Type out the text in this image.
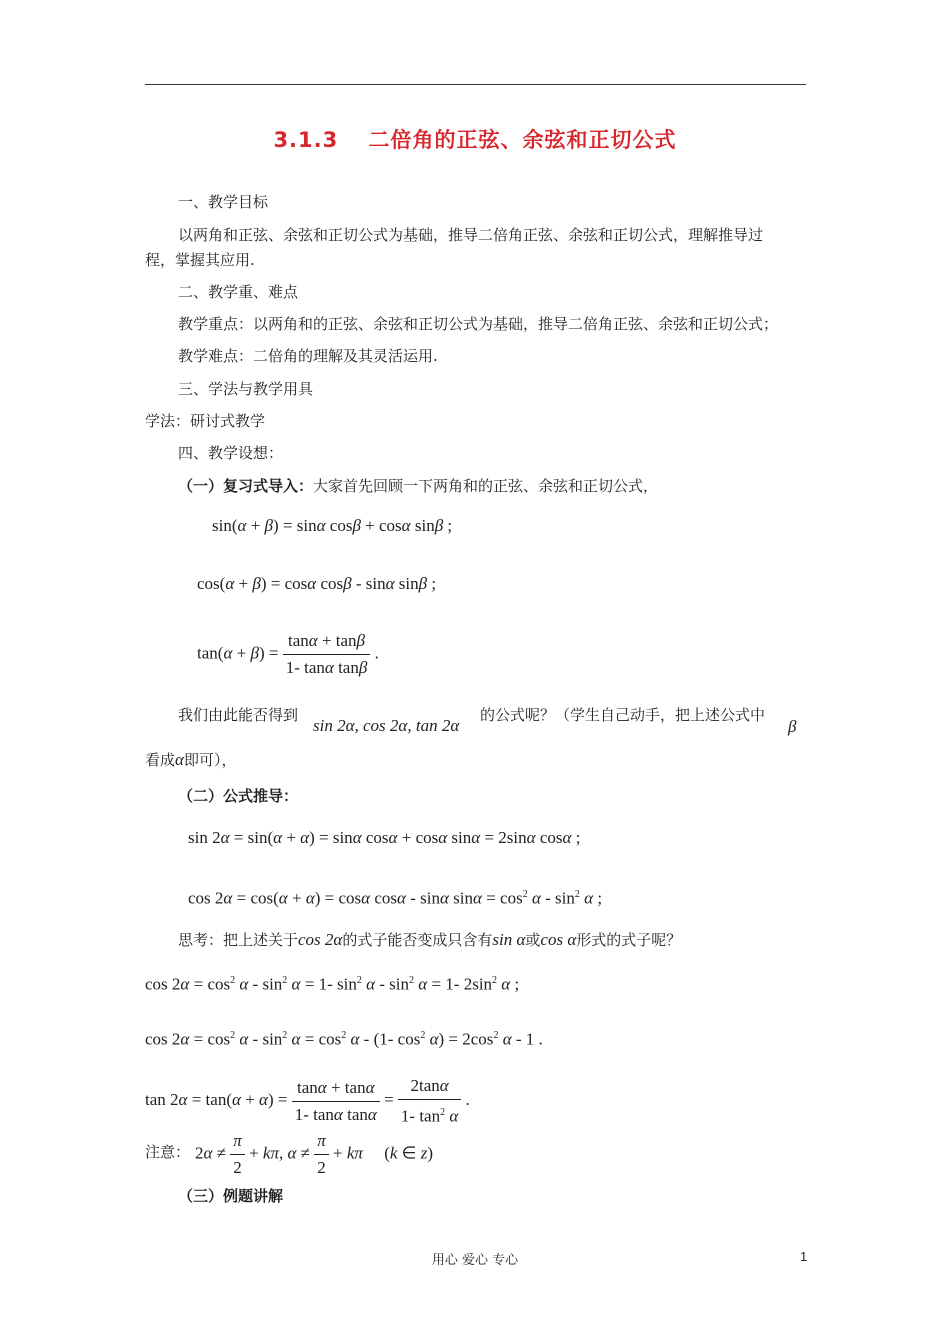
3.1.3　 二倍角的正弦、余弦和正切公式
一、教学目标
以两角和正弦、余弦和正切公式为基础，推导二倍角正弦、余弦和正切公式，理解推导过
程，掌握其应用.
二、教学重、难点
教学重点：以两角和的正弦、余弦和正切公式为基础，推导二倍角正弦、余弦和正切公式；
教学难点：二倍角的理解及其灵活运用.
三、学法与教学用具
学法：研讨式教学
四、教学设想：
（一）复习式导入：大家首先回顾一下两角和的正弦、余弦和正切公式，
sin(α + β) = sinα cosβ + cosα sinβ ;
cos(α + β) = cosα cosβ - sinα sinβ ;
$\tan(\alpha + \beta) = \frac{\tan\alpha + \tan\beta}{\text{1- tanα tanβ}}$ .
我们由此能否得到
sin 2α, cos 2α, tan 2α
的公式呢？（学生自己动手，把上述公式中
β
看成α即可），
（二）公式推导：
sin 2α = sin(α + α) = sinα cosα + cosα sinα = 2sinα cosα ;
cos 2α = cos(α + α) = cosα cosα - sinα $\sin\alpha = \cos^2 \alpha - \sin^2 \alpha$ ;
思考：把上述关于cos 2α的式子能否变成只含有sin α或cos α形式的式子呢？
$\cos 2\alpha = \cos^2 \alpha - \sin^2 \alpha = 1-$ $\sin^2 \alpha - \sin^2 \alpha = 1-$ $2\sin^2$ α ;
$\cos 2\alpha = \cos^2 \alpha - \sin^2 \alpha = \cos^2 \alpha - (1-$ $\cos^2 \alpha) = 2\cos^2$ α - 1 .
$\tan 2\alpha = \tan(\alpha + \alpha) = \frac{\tan\alpha + \tan\alpha}{\text{1- tanα tanα}} = \frac{2\tan\alpha}{1- \tan^2 \alpha}$ .
注意： $2\alpha \ne \frac{\pi}{2} + k\pi$, $\alpha \ne \frac{\pi}{2} + k\pi$     (k ∈ z)
（三）例题讲解
用心 爱心 专心	1
